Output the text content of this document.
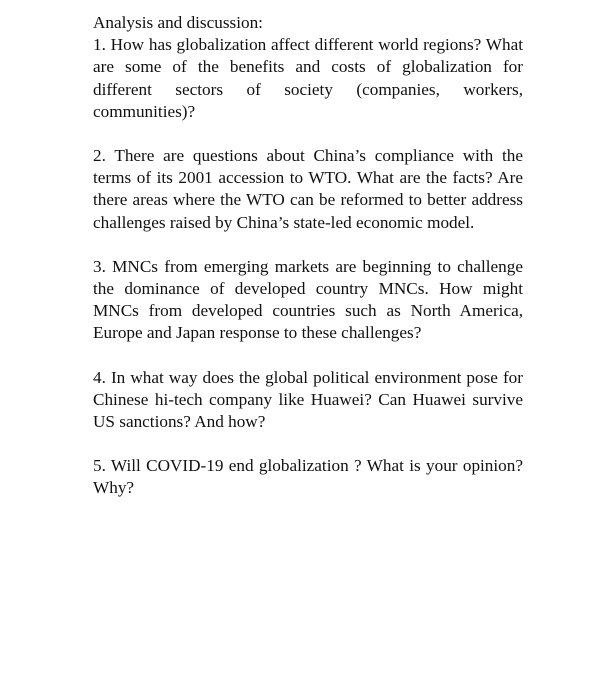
Analysis and discussion:

1. How has globalization affect different world regions? What are some of the benefits and costs of globalization for different sectors of society (companies, workers, communities)?

2. There are questions about China’s compliance with the terms of its 2001 accession to WTO. What are the facts? Are there areas where the WTO can be reformed to better address challenges raised by China’s state-led economic model.

3. MNCs from emerging markets are beginning to challenge the dominance of developed country MNCs. How might MNCs from developed countries such as North America, Europe and Japan response to these challenges?

4. In what way does the global political environment pose for Chinese hi-tech company like Huawei? Can Huawei survive US sanctions? And how?

5. Will COVID-19 end globalization ? What is your opinion? Why?
